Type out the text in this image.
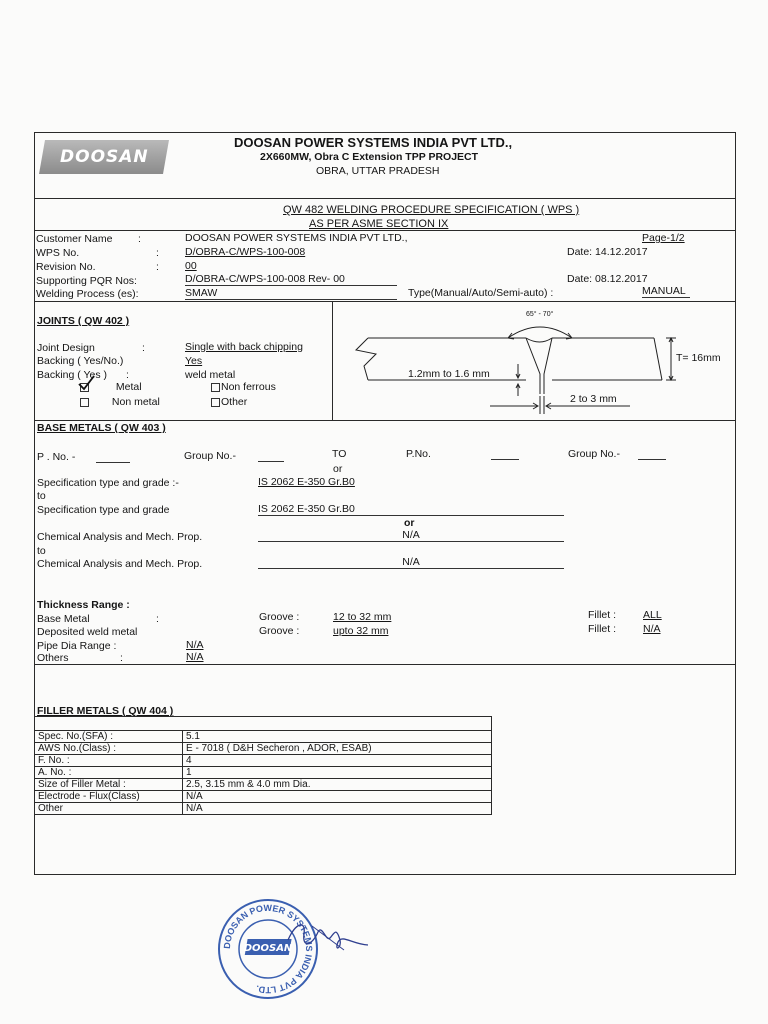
DOOSAN
DOOSAN POWER SYSTEMS INDIA PVT LTD.,
2X660MW, Obra C Extension TPP PROJECT
OBRA, UTTAR PRADESH
QW 482 WELDING PROCEDURE SPECIFICATION ( WPS )
AS PER ASME SECTION IX
Customer Name :	DOOSAN POWER SYSTEMS INDIA PVT LTD.,	Page-1/2
WPS No.	: D/OBRA-C/WPS-100-008	Date: 14.12.2017
Revision No.	: 00
Supporting PQR Nos:	D/OBRA-C/WPS-100-008 Rev- 00	Date: 08.12.2017
Welding Process (es):	SMAW	Type(Manual/Auto/Semi-auto) :	MANUAL
JOINTS ( QW 402 )
Joint Design	:	Single with back chipping
Backing ( Yes/No.)	Yes
Backing ( Yes ) :	weld metal
Metal	Non ferrous
Non metal	Other
65° - 70°
T= 16mm
1.2mm to 1.6 mm
2 to 3 mm
BASE METALS ( QW 403 )
P . No. -	Group No.-	TO
or
P.No.	Group No.-
Specification type and grade :-	IS 2062 E-350 Gr.B0
to
Specification type and grade	IS 2062 E-350 Gr.B0
or
Chemical Analysis and Mech. Prop.	N/A
to
Chemical Analysis and Mech. Prop.	N/A
Thickness Range :
Base Metal	:	Groove :	12 to 32 mm	Fillet :	ALL
Deposited weld metal	Groove :	upto 32 mm	Fillet :	N/A
Pipe Dia Range :	N/A
Others	:	N/A
FILLER METALS ( QW 404 )

Spec. No.(SFA) :	5.1
AWS No.(Class) :	E - 7018 ( D&H Secheron , ADOR, ESAB)
F. No. :	4
A. No. :	1
Size of Filler Metal :	2.5, 3.15 mm & 4.0 mm Dia.
Electrode - Flux(Class)	N/A
Other	N/A
DOOSAN POWER SYSTEMS INDIA PVT LTD.
DOOSAN
